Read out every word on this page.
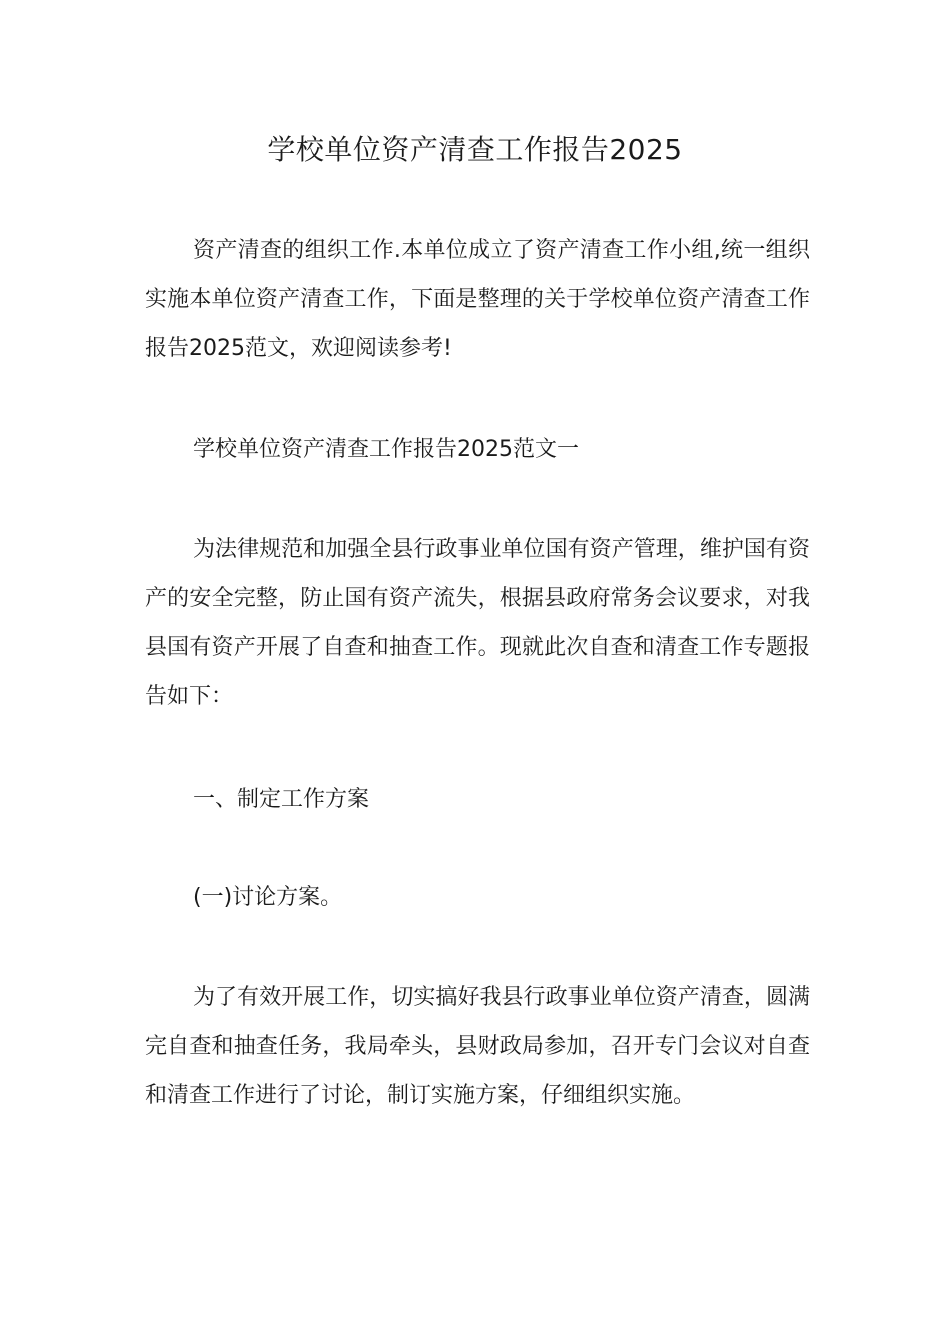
学校单位资产清查工作报告2025

资产清查的组织工作.本单位成立了资产清查工作小组,统一组织实施本单位资产清查工作，下面是整理的关于学校单位资产清查工作报告2025范文，欢迎阅读参考!

学校单位资产清查工作报告2025范文一

为法律规范和加强全县行政事业单位国有资产管理，维护国有资产的安全完整，防止国有资产流失，根据县政府常务会议要求，对我县国有资产开展了自查和抽查工作。现就此次自查和清查工作专题报告如下：

一、制定工作方案

(一)讨论方案。

为了有效开展工作，切实搞好我县行政事业单位资产清查，圆满完自查和抽查任务，我局牵头，县财政局参加，召开专门会议对自查和清查工作进行了讨论，制订实施方案，仔细组织实施。
